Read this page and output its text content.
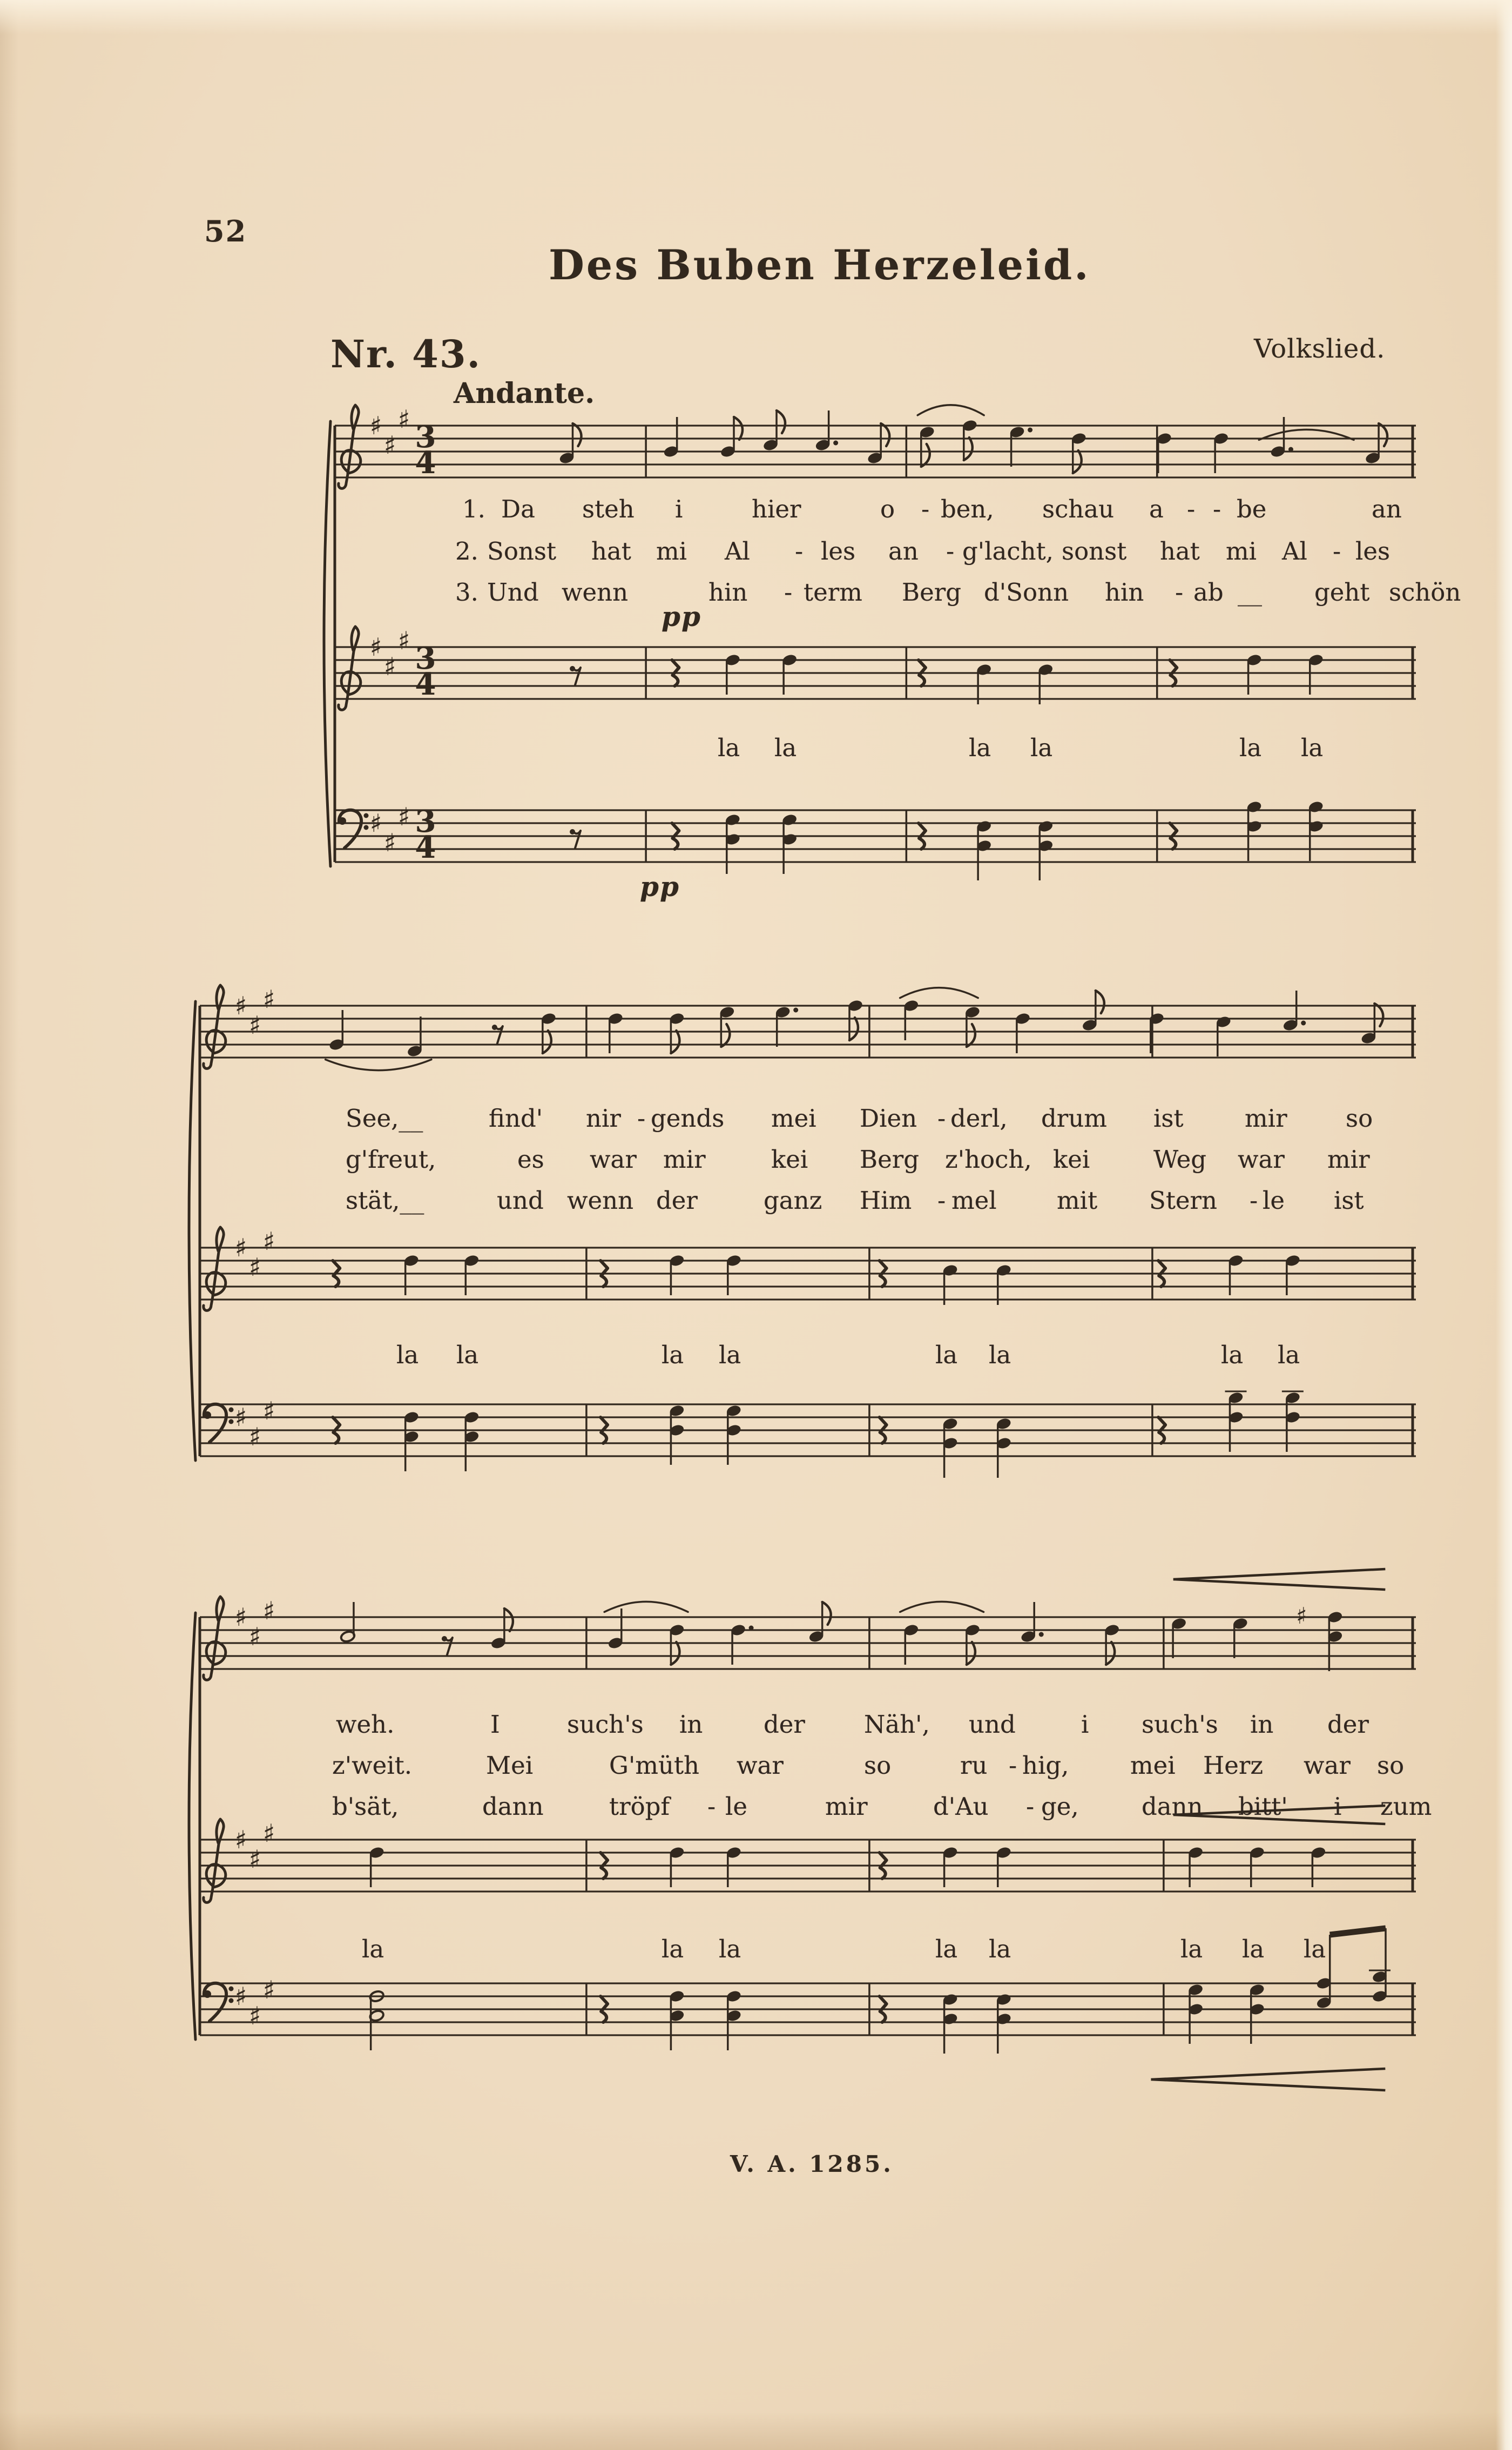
52
Des Buben Herzeleid.
Nr. 43.	Volkslied.
Andante.
pp
pp
♯
♯
♯ 3
4
♯
♯
♯ 3
4
♯
♯
♯ 3
4
♯
♯
♯
♯
♯
♯
♯
♯
♯
♯
♯
♯	♯
♯
♯
♯
♯
♯
♯
1. Da steh i	hier	o - ben, schau a - - be	an
2. Sonst hat mi Al - les an - g'lacht, sonst hat mi Al - les
3. Und wenn	hin - term Berg d'Sonn hin - ab __ geht schön
la la	la la	la la
See,__	find' nir - gends mei Dien - derl, drum ist	mir so
g'freut,	es war mir	kei Berg z'hoch, kei	Weg war mir
stät,__	und wenn der	ganz Him - mel mit Stern - le ist
la la	la la	la la	la la
weh.	I	such's in	der Näh', und	i such's in der
z'weit.	Mei	G'müth war	so	ru - hig,	mei Herz war so
b'sät,	dann	tröpf - le	mir	d'Au - ge,	dann bitt' i zum
la	la la	la la	la la la
V. A. 1285.
